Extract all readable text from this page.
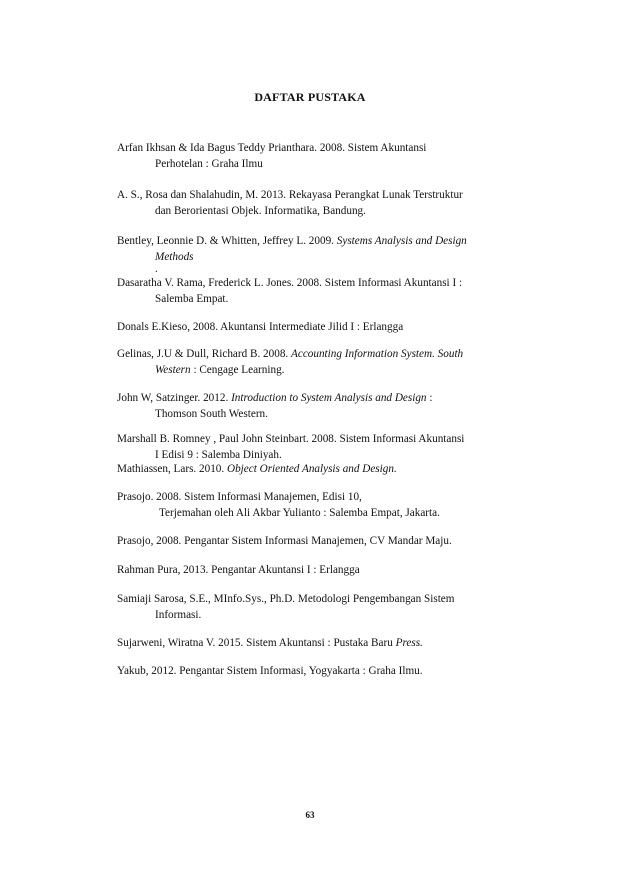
DAFTAR PUSTAKA
Arfan Ikhsan & Ida Bagus Teddy Prianthara. 2008. Sistem Akuntansi
Perhotelan : Graha Ilmu
A. S., Rosa dan Shalahudin, M. 2013. Rekayasa Perangkat Lunak Terstruktur
dan Berorientasi Objek. Informatika, Bandung.
Bentley, Leonnie D. & Whitten, Jeffrey L. 2009. Systems Analysis and Design
Methods
.
Dasaratha V. Rama, Frederick L. Jones. 2008. Sistem Informasi Akuntansi I :
Salemba Empat.
Donals E.Kieso, 2008. Akuntansi Intermediate Jilid I : Erlangga
Gelinas, J.U & Dull, Richard B. 2008. Accounting Information System. South
Western : Cengage Learning.
John W, Satzinger. 2012. Introduction to System Analysis and Design :
Thomson South Western.
Marshall B. Romney , Paul John Steinbart. 2008. Sistem Informasi Akuntansi
I Edisi 9 : Salemba Diniyah.
Mathiassen, Lars. 2010. Object Oriented Analysis and Design.
Prasojo. 2008. Sistem Informasi Manajemen, Edisi 10,
Terjemahan oleh Ali Akbar Yulianto : Salemba Empat, Jakarta.
Prasojo, 2008. Pengantar Sistem Informasi Manajemen, CV Mandar Maju.
Rahman Pura, 2013. Pengantar Akuntansi I : Erlangga
Samiaji Sarosa, S.E., MInfo.Sys., Ph.D. Metodologi Pengembangan Sistem
Informasi.
Sujarweni, Wiratna V. 2015. Sistem Akuntansi : Pustaka Baru Press.
Yakub, 2012. Pengantar Sistem Informasi, Yogyakarta : Graha Ilmu.
63
